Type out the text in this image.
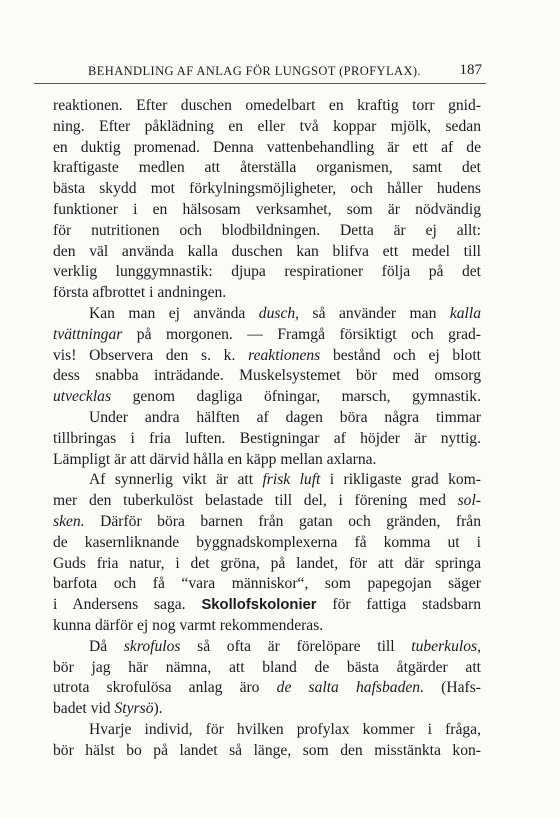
BEHANDLING AF ANLAG FÖR LUNGSOT (PROFYLAX).	187
reaktionen. Efter duschen omedelbart en kraftig torr gnid-
ning. Efter påklädning en eller två koppar mjölk, sedan
en duktig promenad. Denna vattenbehandling är ett af de
kraftigaste medlen att återställa organismen, samt det
bästa skydd mot förkylningsmöjligheter, och håller hudens
funktioner i en hälsosam verksamhet, som är nödvändig
för nutritionen och blodbildningen. Detta är ej allt:
den väl använda kalla duschen kan blifva ett medel till
verklig lunggymnastik: djupa respirationer följa på det
första afbrottet i andningen.
Kan man ej använda dusch, så använder man kalla
tvättningar på morgonen. — Framgå försiktigt och grad-
vis! Observera den s. k. reaktionens bestånd och ej blott
dess snabba inträdande. Muskelsystemet bör med omsorg
utvecklas genom dagliga öfningar, marsch, gymnastik.
Under andra hälften af dagen böra några timmar
tillbringas i fria luften. Bestigningar af höjder är nyttig.
Lämpligt är att därvid hålla en käpp mellan axlarna.
Af synnerlig vikt är att frisk luft i rikligaste grad kom-
mer den tuberkulöst belastade till del, i förening med sol-
sken. Därför böra barnen från gatan och gränden, från
de kasernliknande byggnadskomplexerna få komma ut i
Guds fria natur, i det gröna, på landet, för att där springa
barfota och få “vara människor“, som papegojan säger
i Andersens saga. Skollofskolonier för fattiga stadsbarn
kunna därför ej nog varmt rekommenderas.
Då skrofulos så ofta är förelöpare till tuberkulos,
bör jag här nämna, att bland de bästa åtgärder att
utrota skrofulösa anlag äro de salta hafsbaden. (Hafs-
badet vid Styrsö).
Hvarje individ, för hvilken profylax kommer i fråga,
bör hälst bo på landet så länge, som den misstänkta kon-
